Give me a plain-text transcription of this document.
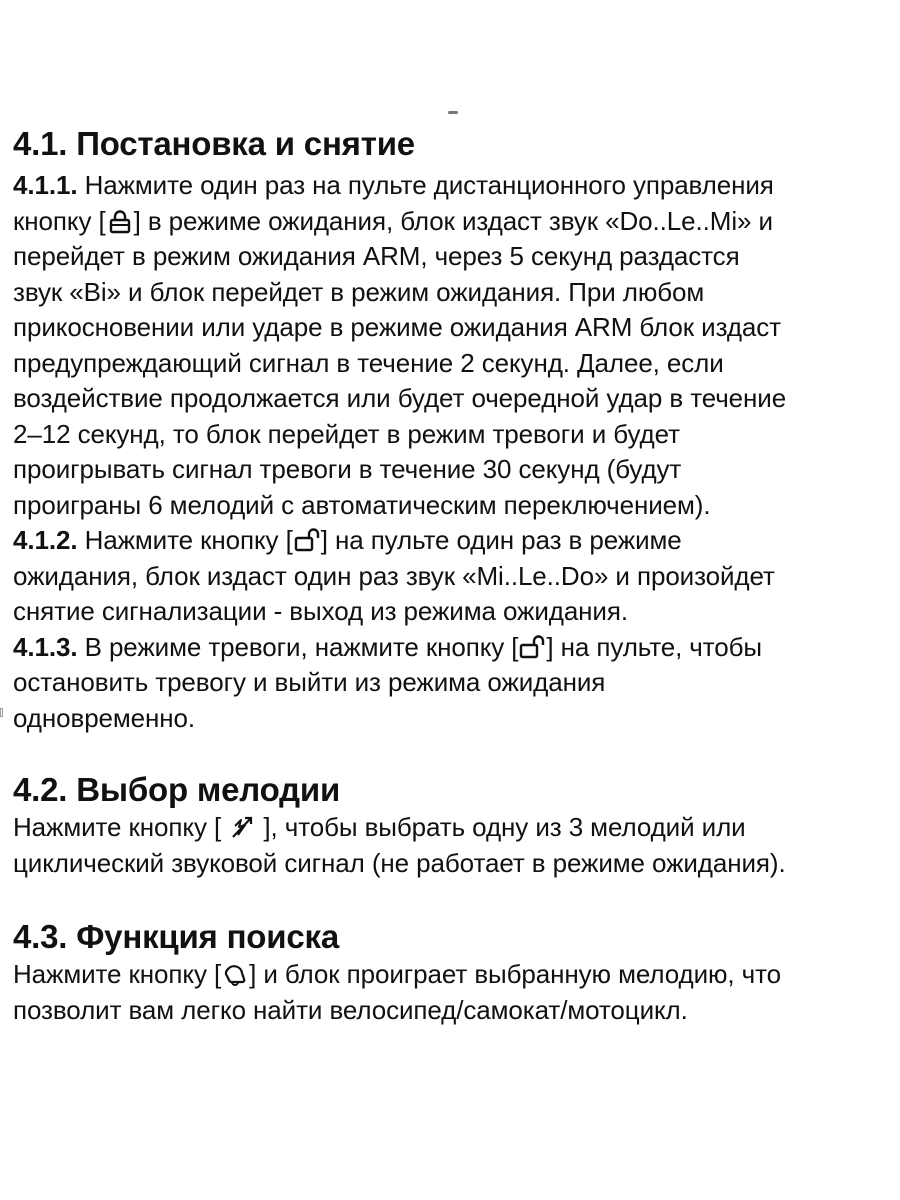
4.1. Постановка и снятие
4.1.1. Нажмите один раз на пульте дистанционного управления
кнопку [ ] в режиме ожидания, блок издаст звук «Do..Le..Mi» и
перейдет в режим ожидания ARM, через 5 секунд раздастся
звук «Bi» и блок перейдет в режим ожидания. При любом
прикосновении или ударе в режиме ожидания ARM блок издаст
предупреждающий сигнал в течение 2 секунд. Далее, если
воздействие продолжается или будет очередной удар в течение
2–12 секунд, то блок перейдет в режим тревоги и будет
проигрывать сигнал тревоги в течение 30 секунд (будут
проиграны 6 мелодий с автоматическим переключением).
4.1.2. Нажмите кнопку [ ] на пульте один раз в режиме
ожидания, блок издаст один раз звук «Mi..Le..Do» и произойдет
снятие сигнализации - выход из режима ожидания.
4.1.3. В режиме тревоги, нажмите кнопку [ ] на пульте, чтобы
остановить тревогу и выйти из режима ожидания
одновременно.
4.2. Выбор мелодии
Нажмите кнопку [
], чтобы выбрать одну из 3 мелодий или
циклический звуковой сигнал (не работает в режиме ожидания).
4.3. Функция поиска
Нажмите кнопку [ ] и блок проиграет выбранную мелодию, что
позволит вам легко найти велосипед/самокат/мотоцикл.
